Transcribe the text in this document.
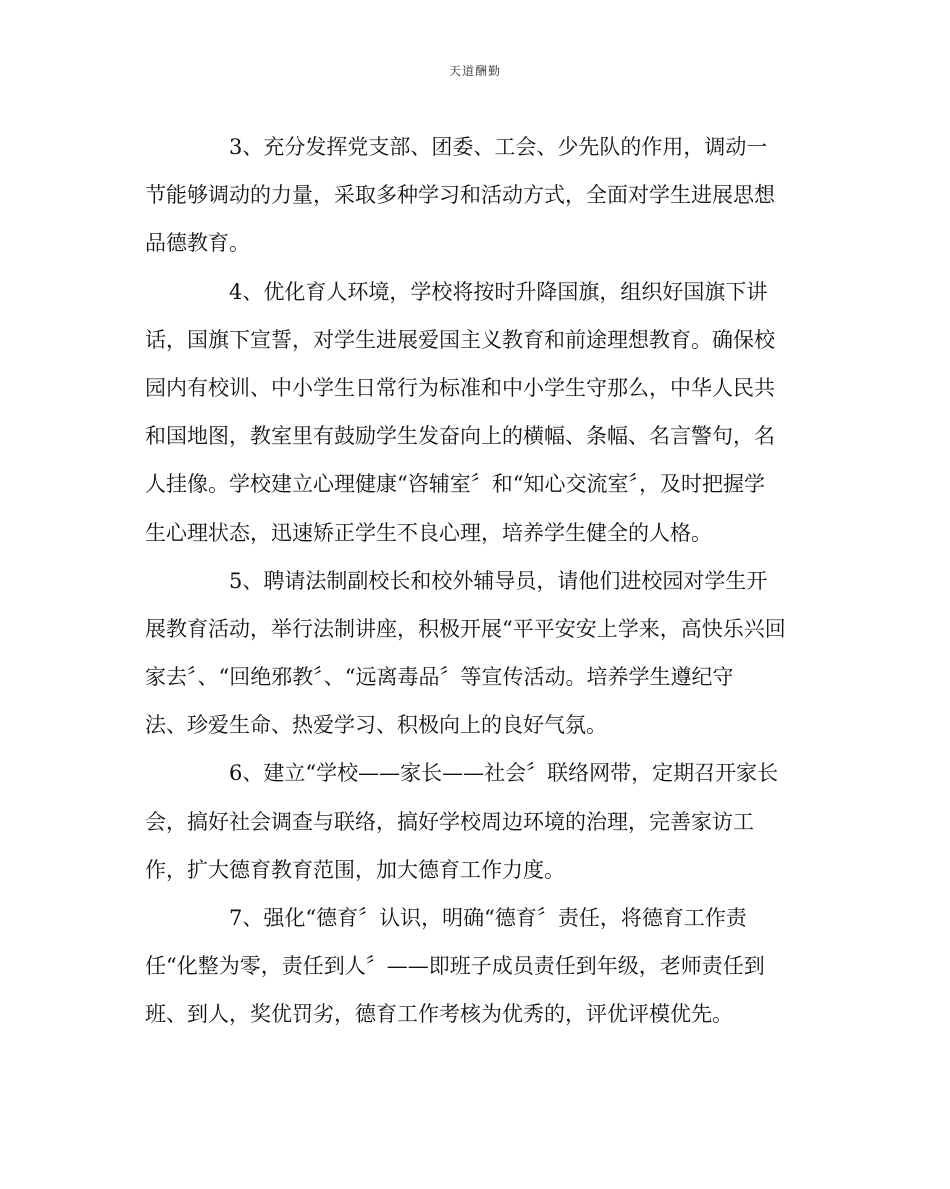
天道酬勤
3、充分发挥党支部、团委、工会、少先队的作用，调动一
节能够调动的力量，采取多种学习和活动方式，全面对学生进展思想
品德教育。
4、优化育人环境，学校将按时升降国旗，组织好国旗下讲
话，国旗下宣誓，对学生进展爱国主义教育和前途理想教育。确保校
园内有校训、中小学生日常行为标准和中小学生守那么，中华人民共
和国地图，教室里有鼓励学生发奋向上的横幅、条幅、名言警句，名
人挂像。学校建立心理健康“咨辅室〞和“知心交流室〞，及时把握学
生心理状态，迅速矫正学生不良心理，培养学生健全的人格。
5、聘请法制副校长和校外辅导员，请他们进校园对学生开
展教育活动，举行法制讲座，积极开展“平平安安上学来，高快乐兴回
家去〞、“回绝邪教〞、“远离毒品〞等宣传活动。培养学生遵纪守
法、珍爱生命、热爱学习、积极向上的良好气氛。
6、建立“学校——家长——社会〞联络网带，定期召开家长
会，搞好社会调查与联络，搞好学校周边环境的治理，完善家访工
作，扩大德育教育范围，加大德育工作力度。
7、强化“德育〞认识，明确“德育〞责任，将德育工作责
任“化整为零，责任到人〞——即班子成员责任到年级，老师责任到
班、到人，奖优罚劣，德育工作考核为优秀的，评优评模优先。
